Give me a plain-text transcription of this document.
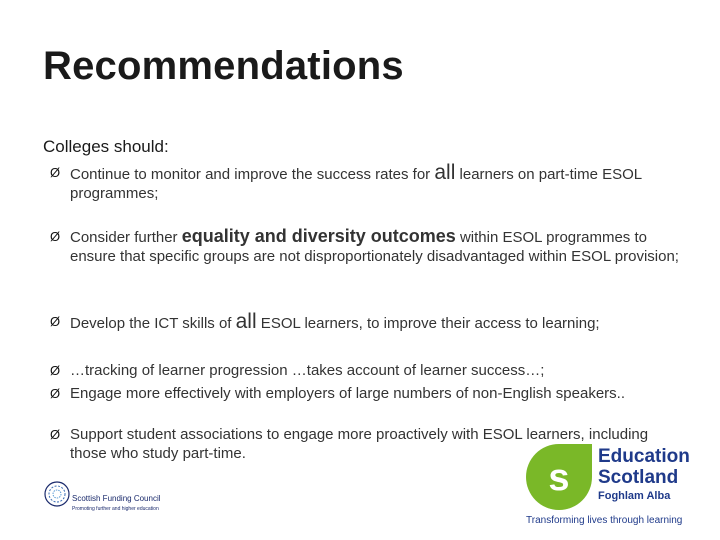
Recommendations
Colleges should:
Ø Continue to monitor and improve the success rates for all learners on part-time ESOL programmes;
Ø Consider further equality and diversity outcomes within ESOL programmes to ensure that specific groups are not disproportionately disadvantaged within ESOL provision;
Ø Develop the ICT skills of all ESOL learners, to improve their access to learning;
Ø …tracking of learner progression …takes account of learner success…;
Ø Engage more effectively with employers of large numbers of non-English speakers..
Ø Support student associations to engage more proactively with ESOL learners, including those who study part-time.
Scottish Funding Council
Promoting further and higher education
s
Education
Scotland
Foghlam Alba
Transforming lives through learning
